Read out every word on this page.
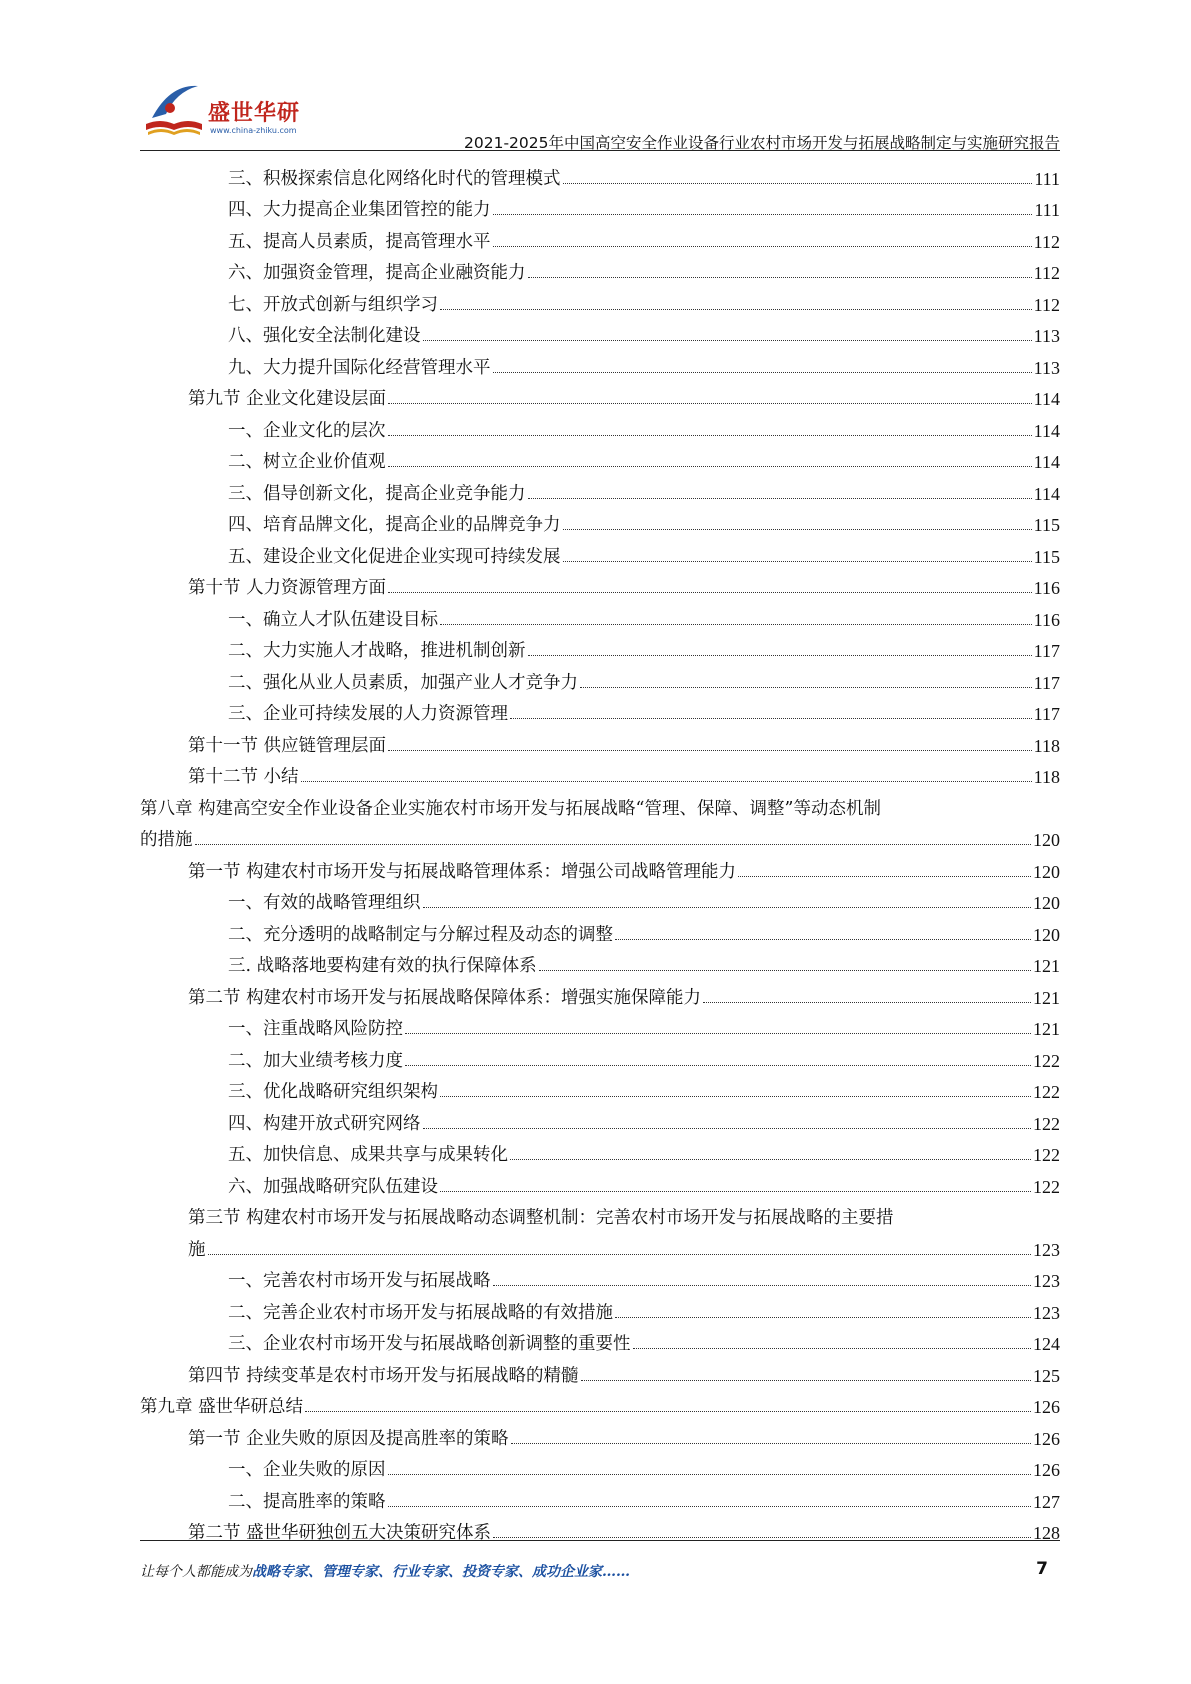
盛世华研
www.china-zhiku.com
2021-2025年中国高空安全作业设备行业农村市场开发与拓展战略制定与实施研究报告
三、积极探索信息化网络化时代的管理模式	111
四、大力提高企业集团管控的能力	111
五、提高人员素质，提高管理水平	112
六、加强资金管理，提高企业融资能力	112
七、开放式创新与组织学习	112
八、强化安全法制化建设	113
九、大力提升国际化经营管理水平	113
第九节 企业文化建设层面	114
一、企业文化的层次	114
二、树立企业价值观	114
三、倡导创新文化，提高企业竞争能力	114
四、培育品牌文化，提高企业的品牌竞争力	115
五、建设企业文化促进企业实现可持续发展	115
第十节 人力资源管理方面	116
一、确立人才队伍建设目标	116
二、大力实施人才战略，推进机制创新	117
二、强化从业人员素质，加强产业人才竞争力	117
三、企业可持续发展的人力资源管理	117
第十一节 供应链管理层面	118
第十二节 小结	118
第八章 构建高空安全作业设备企业实施农村市场开发与拓展战略“管理、保障、调整”等动态机制
的措施	120
第一节 构建农村市场开发与拓展战略管理体系：增强公司战略管理能力	120
一、有效的战略管理组织	120
二、充分透明的战略制定与分解过程及动态的调整	120
三. 战略落地要构建有效的执行保障体系	121
第二节 构建农村市场开发与拓展战略保障体系：增强实施保障能力	121
一、注重战略风险防控	121
二、加大业绩考核力度	122
三、优化战略研究组织架构	122
四、构建开放式研究网络	122
五、加快信息、成果共享与成果转化	122
六、加强战略研究队伍建设	122
第三节 构建农村市场开发与拓展战略动态调整机制：完善农村市场开发与拓展战略的主要措
施	123
一、完善农村市场开发与拓展战略	123
二、完善企业农村市场开发与拓展战略的有效措施	123
三、企业农村市场开发与拓展战略创新调整的重要性	124
第四节 持续变革是农村市场开发与拓展战略的精髓	125
第九章 盛世华研总结	126
第一节 企业失败的原因及提高胜率的策略	126
一、企业失败的原因	126
二、提高胜率的策略	127
第二节 盛世华研独创五大决策研究体系	128
让每个人都能成为战略专家、管理专家、行业专家、投资专家、成功企业家……	7
